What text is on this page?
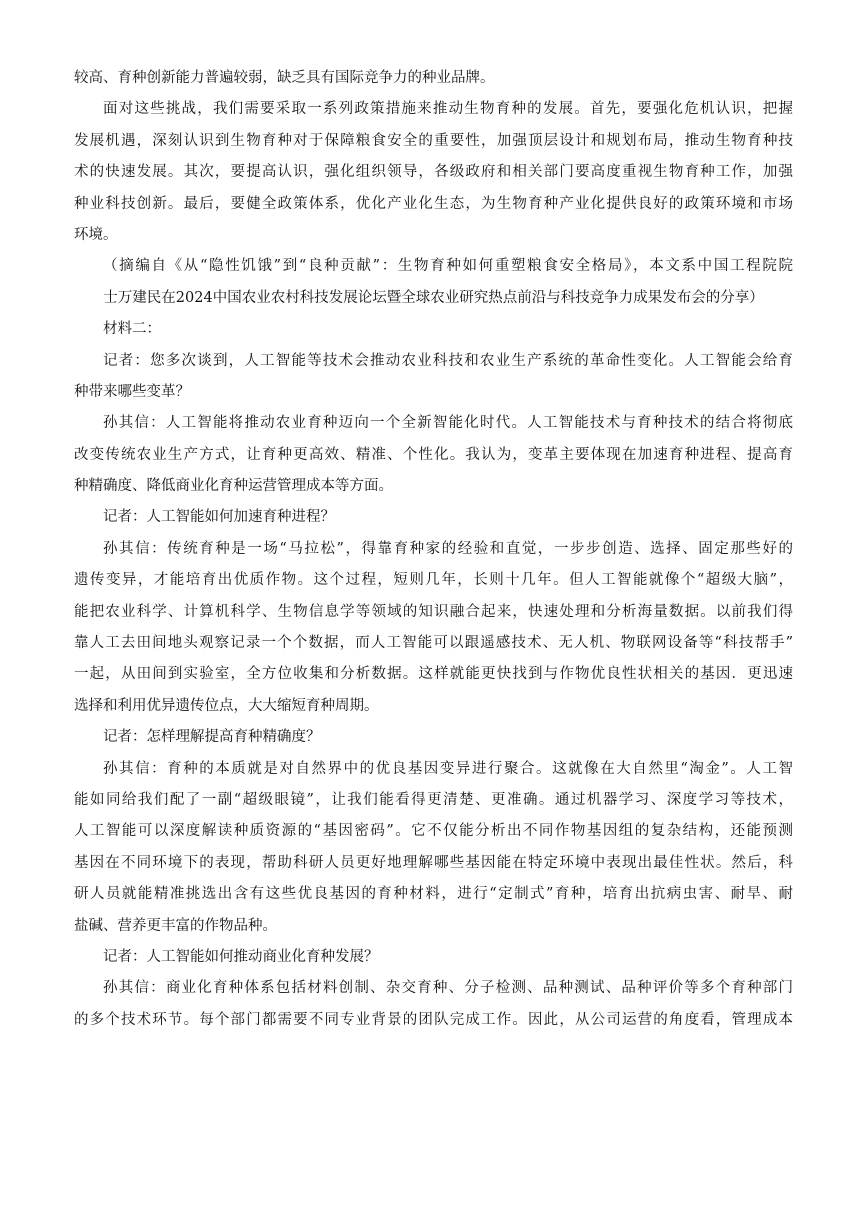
较高、育种创新能力普遍较弱，缺乏具有国际竞争力的种业品牌。
面对这些挑战，我们需要采取一系列政策措施来推动生物育种的发展。首先，要强化危机认识，把握
发展机遇，深刻认识到生物育种对于保障粮食安全的重要性，加强顶层设计和规划布局，推动生物育种技
术的快速发展。其次，要提高认识，强化组织领导，各级政府和相关部门要高度重视生物育种工作，加强
种业科技创新。最后，要健全政策体系，优化产业化生态，为生物育种产业化提供良好的政策环境和市场
环境。
（摘编自《从“隐性饥饿”到“良种贡献”：生物育种如何重塑粮食安全格局》，本文系中国工程院院
士万建民在2024中国农业农村科技发展论坛暨全球农业研究热点前沿与科技竞争力成果发布会的分享）
材料二：
记者：您多次谈到，人工智能等技术会推动农业科技和农业生产系统的革命性变化。人工智能会给育
种带来哪些变革？
孙其信：人工智能将推动农业育种迈向一个全新智能化时代。人工智能技术与育种技术的结合将彻底
改变传统农业生产方式，让育种更高效、精准、个性化。我认为，变革主要体现在加速育种进程、提高育
种精确度、降低商业化育种运营管理成本等方面。
记者：人工智能如何加速育种进程？
孙其信：传统育种是一场“马拉松”，得靠育种家的经验和直觉，一步步创造、选择、固定那些好的
遗传变异，才能培育出优质作物。这个过程，短则几年，长则十几年。但人工智能就像个“超级大脑”，
能把农业科学、计算机科学、生物信息学等领域的知识融合起来，快速处理和分析海量数据。以前我们得
靠人工去田间地头观察记录一个个数据，而人工智能可以跟遥感技术、无人机、物联网设备等“科技帮手”
一起，从田间到实验室，全方位收集和分析数据。这样就能更快找到与作物优良性状相关的基因．更迅速
选择和利用优异遗传位点，大大缩短育种周期。
记者：怎样理解提高育种精确度？
孙其信：育种的本质就是对自然界中的优良基因变异进行聚合。这就像在大自然里“淘金”。人工智
能如同给我们配了一副“超级眼镜”，让我们能看得更清楚、更准确。通过机器学习、深度学习等技术，
人工智能可以深度解读种质资源的“基因密码”。它不仅能分析出不同作物基因组的复杂结构，还能预测
基因在不同环境下的表现，帮助科研人员更好地理解哪些基因能在特定环境中表现出最佳性状。然后，科
研人员就能精准挑选出含有这些优良基因的育种材料，进行“定制式”育种，培育出抗病虫害、耐旱、耐
盐碱、营养更丰富的作物品种。
记者：人工智能如何推动商业化育种发展？
孙其信：商业化育种体系包括材料创制、杂交育种、分子检测、品种测试、品种评价等多个育种部门
的多个技术环节。每个部门都需要不同专业背景的团队完成工作。因此，从公司运营的角度看，管理成本
